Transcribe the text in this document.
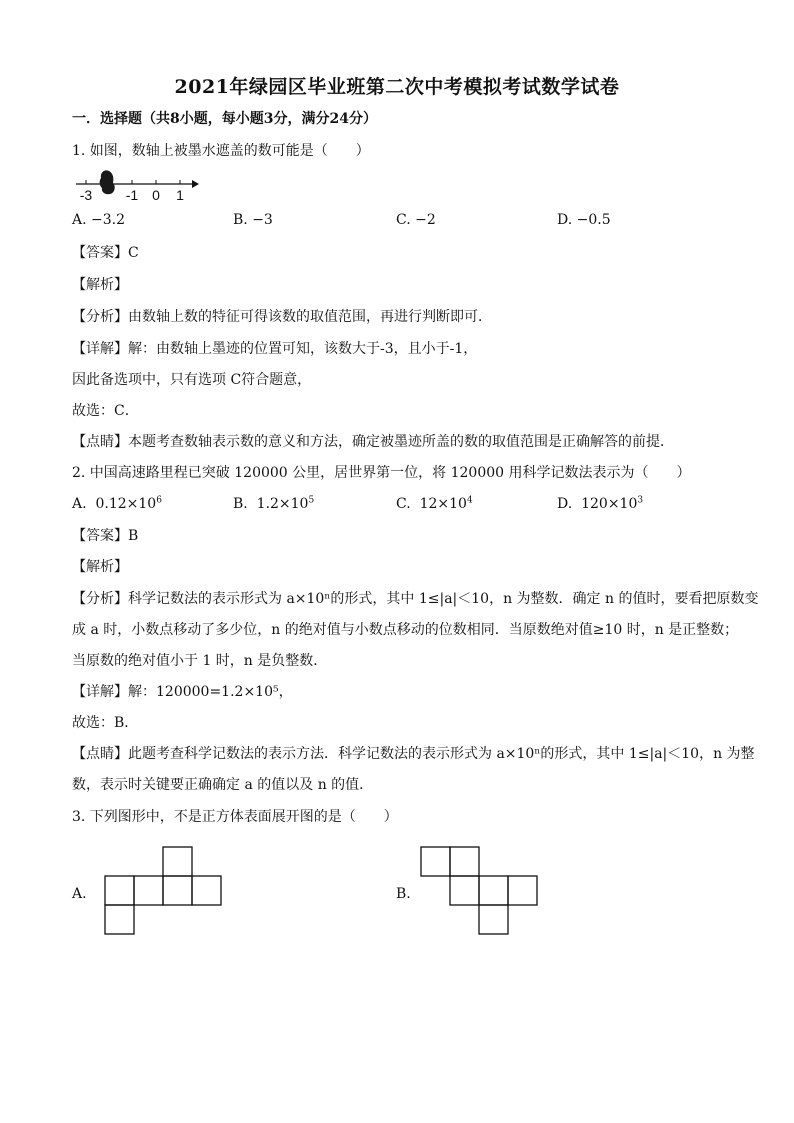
2021年绿园区毕业班第二次中考模拟考试数学试卷
一．选择题（共8小题，每小题3分，满分24分）
1. 如图，数轴上被墨水遮盖的数可能是（　　）
-3 -1 0 1
A. −3.2	B. −3	C. −2	D. −0.5
【答案】C
【解析】
【分析】由数轴上数的特征可得该数的取值范围，再进行判断即可．
【详解】解：由数轴上墨迹的位置可知，该数大于-3，且小于-1，
因此备选项中，只有选项 C符合题意，
故选：C．
【点睛】本题考查数轴表示数的意义和方法，确定被墨迹所盖的数的取值范围是正确解答的前提．
2. 中国高速路里程已突破 120000 公里，居世界第一位，将 120000 用科学记数法表示为（　　）
A. $0.12\times 10^6$	B. $1.2\times 10^5$	C. $12\times 10^4$	D. $120\times 10^3$
【答案】B
【解析】
【分析】科学记数法的表示形式为 a×10ⁿ的形式，其中 1≤|a|＜10，n 为整数．确定 n 的值时，要看把原数变
成 a 时，小数点移动了多少位，n 的绝对值与小数点移动的位数相同．当原数绝对值≥10 时，n 是正整数；
当原数的绝对值小于 1 时，n 是负整数．
【详解】解：120000=1.2×10⁵，
故选：B．
【点睛】此题考查科学记数法的表示方法．科学记数法的表示形式为 a×10ⁿ的形式，其中 1≤|a|＜10，n 为整
数，表示时关键要正确确定 a 的值以及 n 的值．
3. 下列图形中，不是正方体表面展开图的是（　　）
A.	B.
